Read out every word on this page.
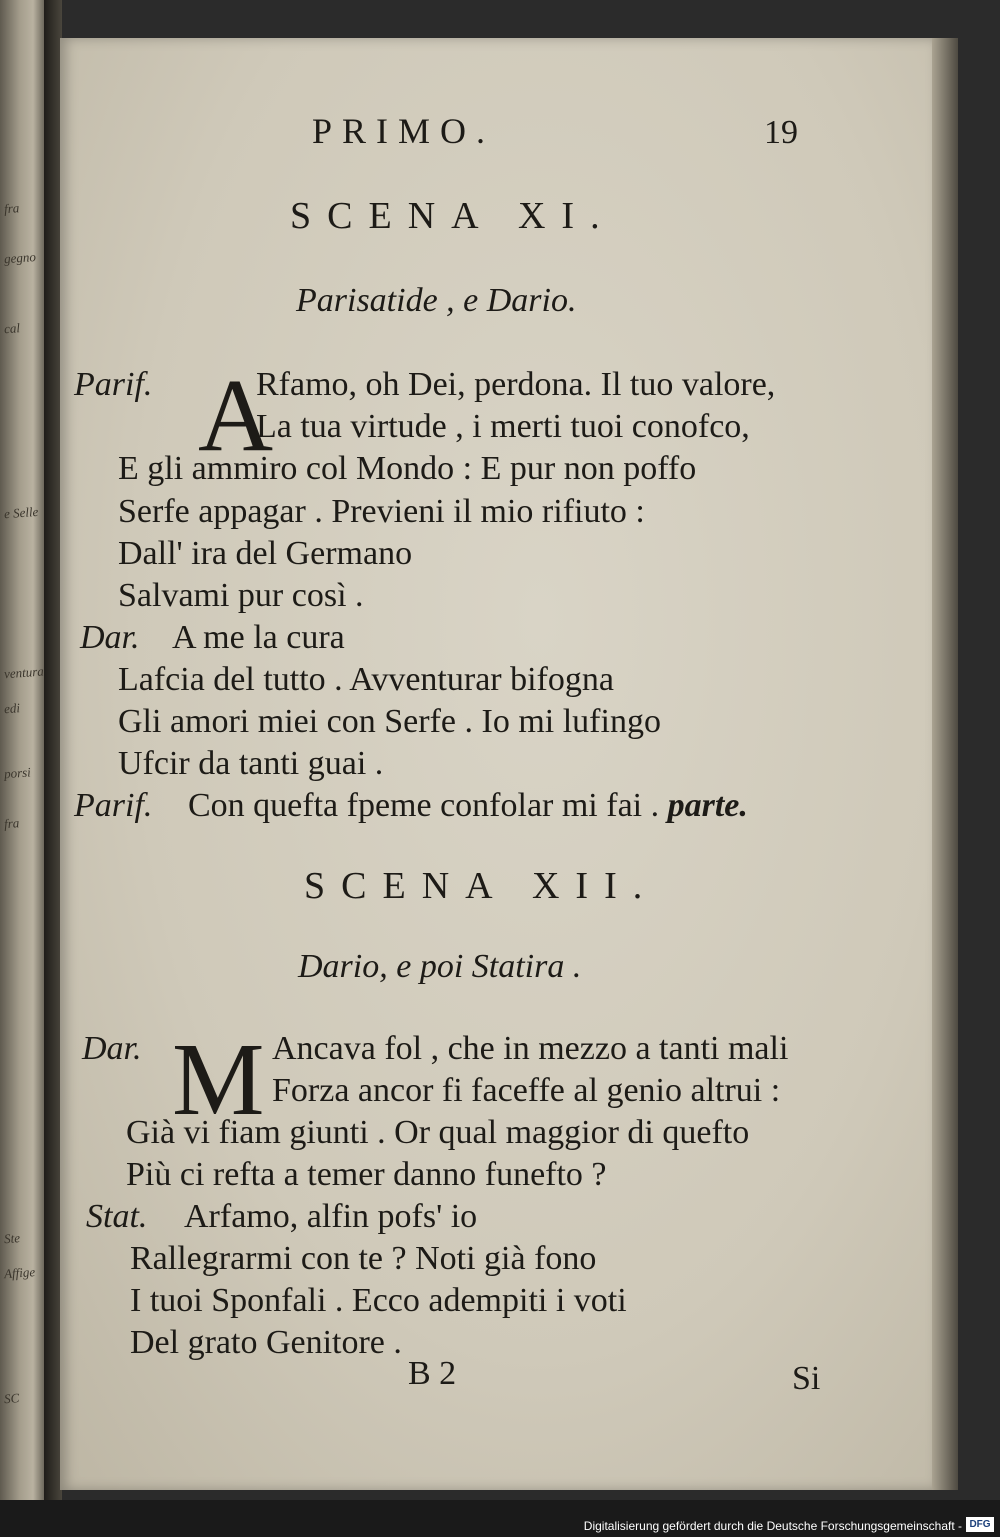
fra
gegno
cal
e Selle
ventura
edi
porsi
fra
Ste
Affige
SC
PRIMO.	19
SCENA XI.
Parisatide , e Dario.
Parif. A
Rfamo, oh Dei, perdona. Il tuo valore,
La tua virtude , i merti tuoi conofco,
E gli ammiro col Mondo : E pur non poffo
Serfe appagar . Previeni il mio rifiuto :
Dall' ira del Germano
Salvami pur così .
Dar. A me la cura
Lafcia del tutto . Avventurar bifogna
Gli amori miei con Serfe . Io mi lufingo
Ufcir da tanti guai .
Parif. Con quefta fpeme confolar mi fai . parte.
SCENA XII.
Dario, e poi Statira .
Dar. M Ancava fol , che in mezzo a tanti mali
Forza ancor fi faceffe al genio altrui :
Già vi fiam giunti . Or qual maggior di quefto
Più ci refta a temer danno funefto ?
Stat. Arfamo, alfin pofs' io
Rallegrarmi con te ? Noti già fono
I tuoi Sponfali . Ecco adempiti i voti
Del grato Genitore .
B 2	Si
Digitalisierung gefördert durch die Deutsche Forschungsgemeinschaft - DFG
